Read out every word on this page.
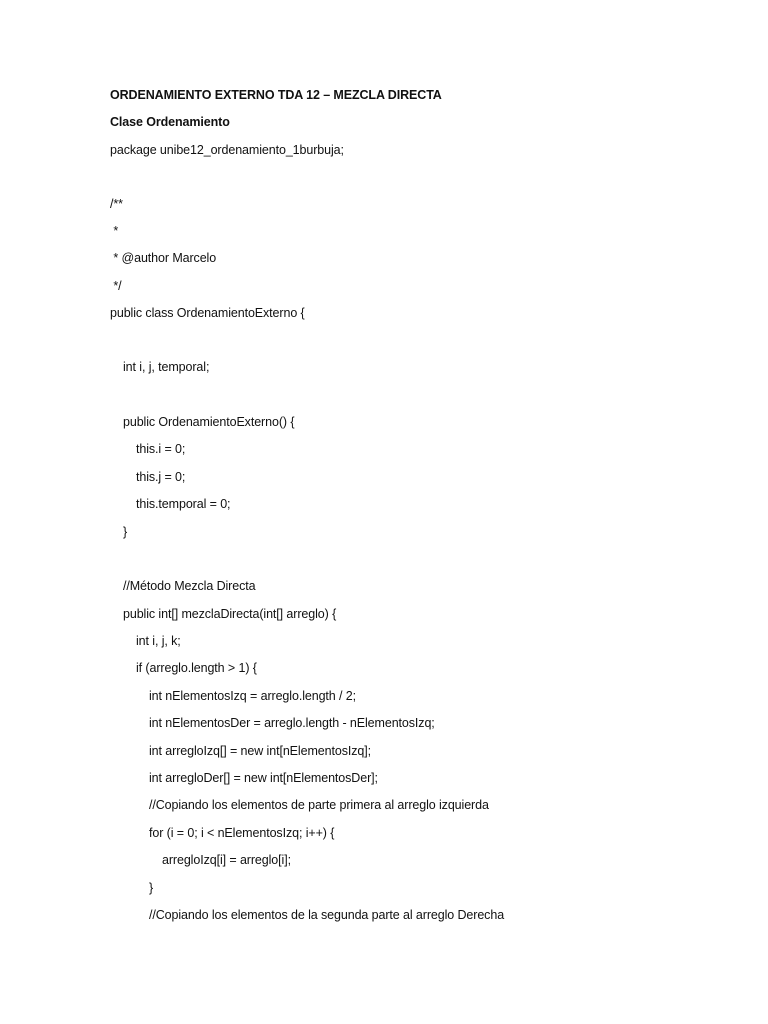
ORDENAMIENTO EXTERNO TDA 12 – MEZCLA DIRECTA
Clase Ordenamiento
package unibe12_ordenamiento_1burbuja;
/**
*
* @author Marcelo
*/
public class OrdenamientoExterno {
int i, j, temporal;
public OrdenamientoExterno() {
this.i = 0;
this.j = 0;
this.temporal = 0;
}
//Método Mezcla Directa
public int[] mezclaDirecta(int[] arreglo) {
int i, j, k;
if (arreglo.length > 1) {
int nElementosIzq = arreglo.length / 2;
int nElementosDer = arreglo.length - nElementosIzq;
int arregloIzq[] = new int[nElementosIzq];
int arregloDer[] = new int[nElementosDer];
//Copiando los elementos de parte primera al arreglo izquierda
for (i = 0; i < nElementosIzq; i++) {
arregloIzq[i] = arreglo[i];
}
//Copiando los elementos de la segunda parte al arreglo Derecha
